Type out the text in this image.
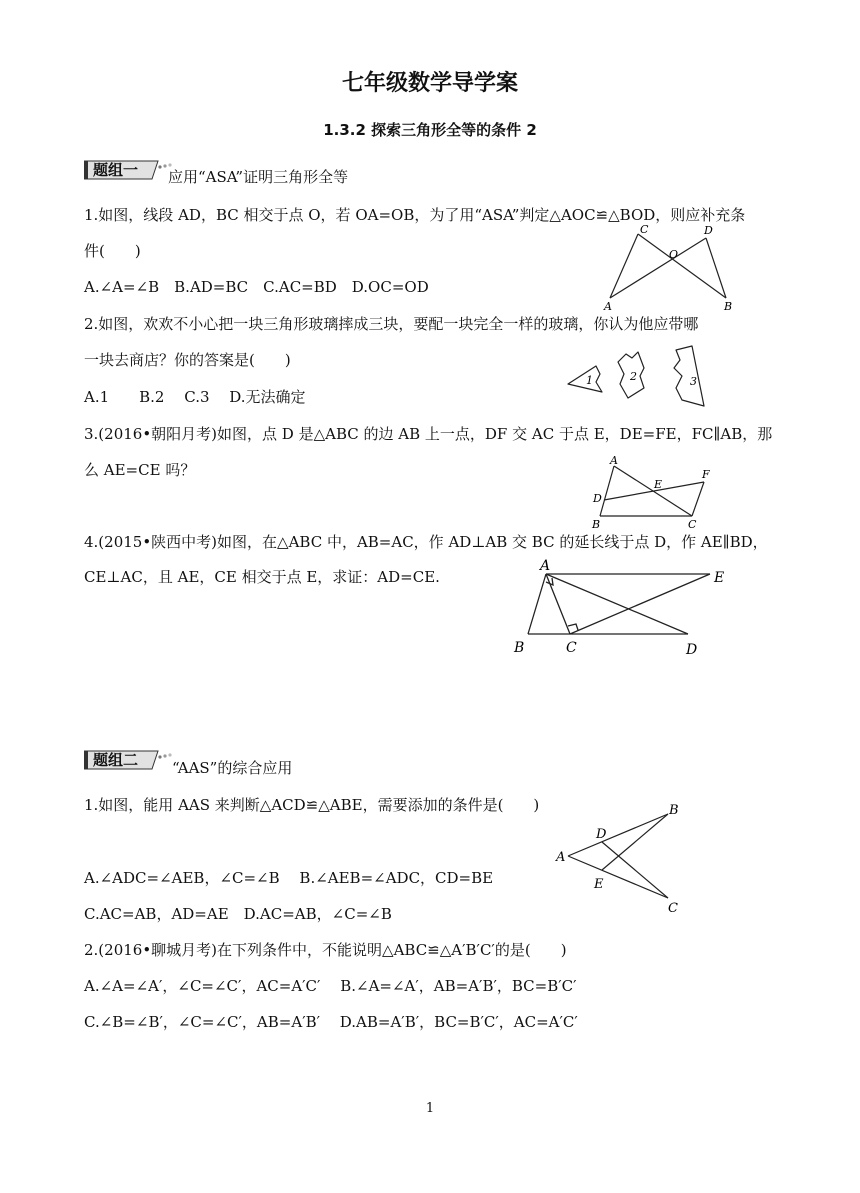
七年级数学导学案
1.3.2 探索三角形全等的条件 2
题组一 应用“ASA”证明三角形全等
1.如图，线段 AD，BC 相交于点 O，若 OA=OB，为了用“ASA”判定△AOC≌△BOD，则应补充条
件(　　)
A.∠A=∠B　B.AD=BC　C.AC=BD　D.OC=OD
A	B
C	D
O
2.如图，欢欢不小心把一块三角形玻璃摔成三块，要配一块完全一样的玻璃，你认为他应带哪
一块去商店？你的答案是(　　)
A.1　　B.2　 C.3　 D.无法确定
1	2	3
3.(2016•朝阳月考)如图，点 D 是△ABC 的边 AB 上一点，DF 交 AC 于点 E，DE=FE，FC∥AB，那
么 AE=CE 吗？
A
B	C
D
E
F
4.(2015•陕西中考)如图，在△ABC 中，AB=AC，作 AD⊥AB 交 BC 的延长线于点 D，作 AE∥BD，
CE⊥AC，且 AE，CE 相交于点 E，求证：AD=CE.
A
B	C	D
E
题组二 “AAS”的综合应用
1.如图，能用 AAS 来判断△ACD≌△ABE，需要添加的条件是(　　)
A
B
C
D
E
A.∠ADC=∠AEB，∠C=∠B　 B.∠AEB=∠ADC，CD=BE
C.AC=AB，AD=AE　D.AC=AB，∠C=∠B
2.(2016•聊城月考)在下列条件中，不能说明△ABC≌△A′B′C′的是(　　)
A.∠A=∠A′，∠C=∠C′，AC=A′C′　 B.∠A=∠A′，AB=A′B′，BC=B′C′
C.∠B=∠B′，∠C=∠C′，AB=A′B′　 D.AB=A′B′，BC=B′C′，AC=A′C′
1
